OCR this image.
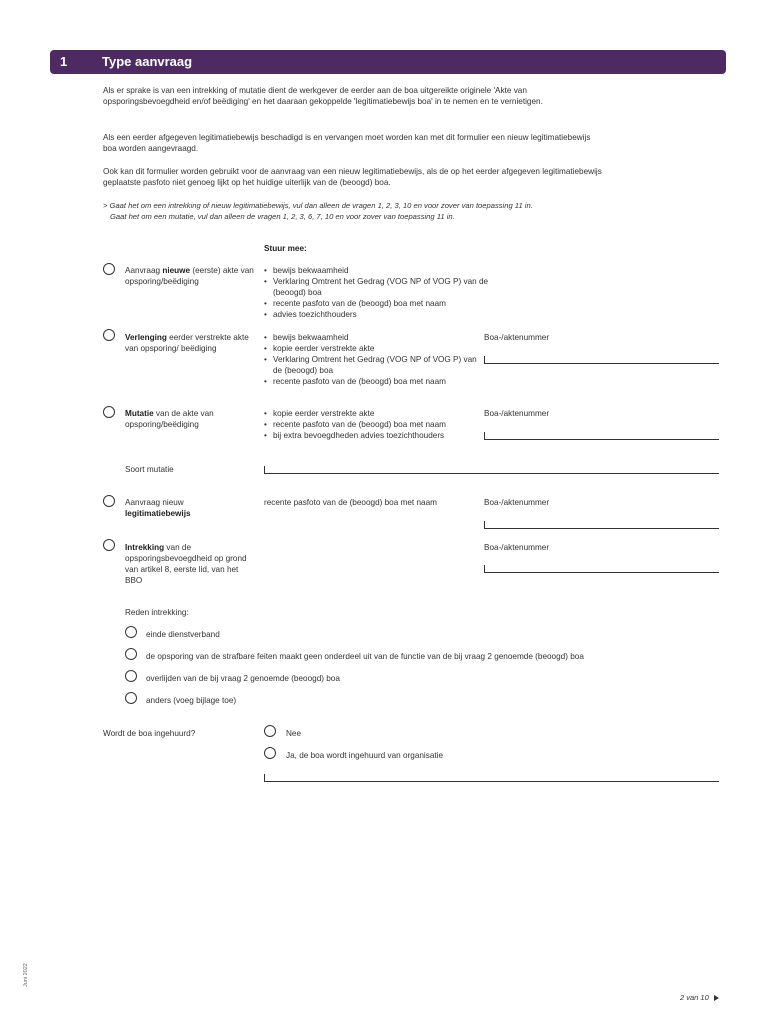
1	Type aanvraag
Als er sprake is van een intrekking of mutatie dient de werkgever de eerder aan de boa uitgereikte originele 'Akte van opsporingsbevoegdheid en/of beëdiging' en het daaraan gekoppelde 'legitimatiebewijs boa' in te nemen en te vernietigen.
Als een eerder afgegeven legitimatiebewijs beschadigd is en vervangen moet worden kan met dit formulier een nieuw legitimatiebewijs boa worden aangevraagd.
Ook kan dit formulier worden gebruikt voor de aanvraag van een nieuw legitimatiebewijs, als de op het eerder afgegeven legitimatiebewijs geplaatste pasfoto niet genoeg lijkt op het huidige uiterlijk van de (beoogd) boa.
> Gaat het om een intrekking of nieuw legitimatiebewijs, vul dan alleen de vragen 1, 2, 3, 10 en voor zover van toepassing 11 in.
Gaat het om een mutatie, vul dan alleen de vragen 1, 2, 3, 6, 7, 10 en voor zover van toepassing 11 in.
Stuur mee:
Aanvraag nieuwe (eerste) akte van opsporing/beëdiging
• bewijs bekwaamheid
• Verklaring Omtrent het Gedrag (VOG NP of VOG P) van de (beoogd) boa
• recente pasfoto van de (beoogd) boa met naam
• advies toezichthouders
Verlenging eerder verstrekte akte van opsporing/ beëdiging
• bewijs bekwaamheid
• kopie eerder verstrekte akte
• Verklaring Omtrent het Gedrag (VOG NP of VOG P) van de (beoogd) boa
• recente pasfoto van de (beoogd) boa met naam
Boa-/aktenummer
Mutatie van de akte van opsporing/beëdiging
• kopie eerder verstrekte akte
• recente pasfoto van de (beoogd) boa met naam
• bij extra bevoegdheden advies toezichthouders
Boa-/aktenummer
Soort mutatie
Aanvraag nieuw
legitimatiebewijs
recente pasfoto van de (beoogd) boa met naam	Boa-/aktenummer
Intrekking van de opsporingsbevoegdheid op grond van artikel 8, eerste lid, van het BBO
Boa-/aktenummer
Reden intrekking:
einde dienstverband
de opsporing van de strafbare feiten maakt geen onderdeel uit van de functie van de bij vraag 2 genoemde (beoogd) boa
overlijden van de bij vraag 2 genoemde (beoogd) boa
anders (voeg bijlage toe)
Wordt de boa ingehuurd?	Nee
Ja, de boa wordt ingehuurd van organisatie
Juni 2022
2 van 10
